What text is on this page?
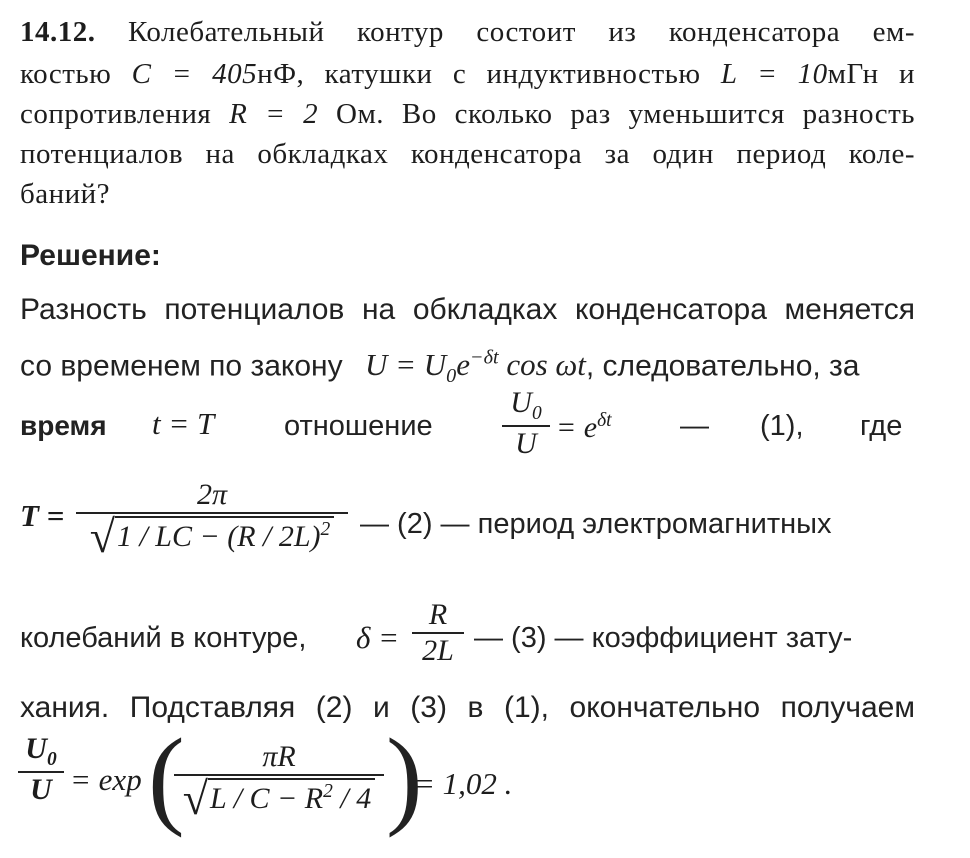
14.12. Колебательный контур состоит из конденсатора ем-
костью C = 405нФ, катушки с индуктивностью L = 10мГн и
сопротивления R = 2 Ом. Во сколько раз уменьшится разность
потенциалов на обкладках конденсатора за один период коле-
баний?
Решение:
Разность потенциалов на обкладках конденсатора меняется
со временем по закону $U = U_0e^{-\delta t}$ cos ωt, следовательно, за
время t = T отношение
$U_0$
$U = e^{\delta t}$ — (1), где
T =
2π
√1 / LC − (R / 2L)$^2$	— (2) — период электромагнитных
колебаний в контуре, δ =
R
2L — (3) — коэффициент зату-
хания. Подставляя (2) и (3) в (1), окончательно получаем
$U_0$
U = exp (	πR
$√L / C - R^2 / 4$ )
= 1,02 .
